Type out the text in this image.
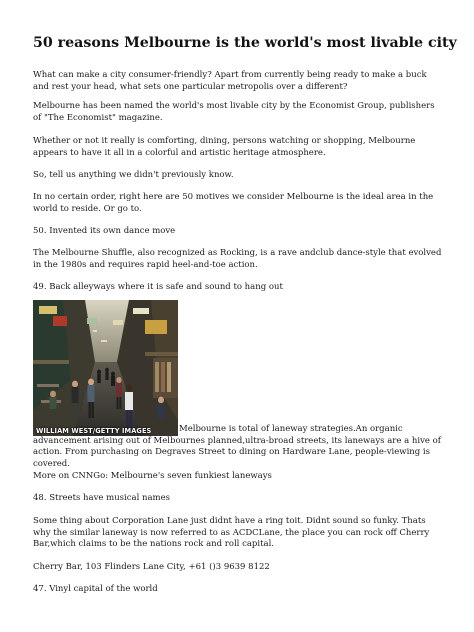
50 reasons Melbourne is the world's most livable city

What can make a city consumer-friendly? Apart from currently being ready to make a buck and rest your head, what sets one particular metropolis over a different?

Melbourne has been named the world's most livable city by the Economist Group, publishers of "The Economist" magazine.

Whether or not it really is comforting, dining, persons watching or shopping, Melbourne appears to have it all in a colorful and artistic heritage atmosphere.

So, tell us anything we didn't previously know.

In no certain order, right here are 50 motives we consider Melbourne is the ideal area in the world to reside. Or go to.

50. Invented its own dance move

The Melbourne Shuffle, also recognized as Rocking, is a rave andclub dance-style that evolved in the 1980s and requires rapid heel-and-toe action.

49. Back alleyways where it is safe and sound to hang out

WILLIAM WEST/GETTY IMAGES	Melbourne is total of laneway strategies.An organic advancement arising out of Melbournes planned,ultra-broad streets, its laneways are a hive of action. From purchasing on Degraves Street to dining on Hardware Lane, people-viewing is covered.

More on CNNGo: Melbourne's seven funkiest laneways

48. Streets have musical names

Some thing about Corporation Lane just didnt have a ring toit. Didnt sound so funky. Thats why the similar laneway is now referred to as ACDCLane, the place you can rock off Cherry Bar,which claims to be the nations rock and roll capital.

Cherry Bar, 103 Flinders Lane City, +61 ()3 9639 8122

47. Vinyl capital of the world
